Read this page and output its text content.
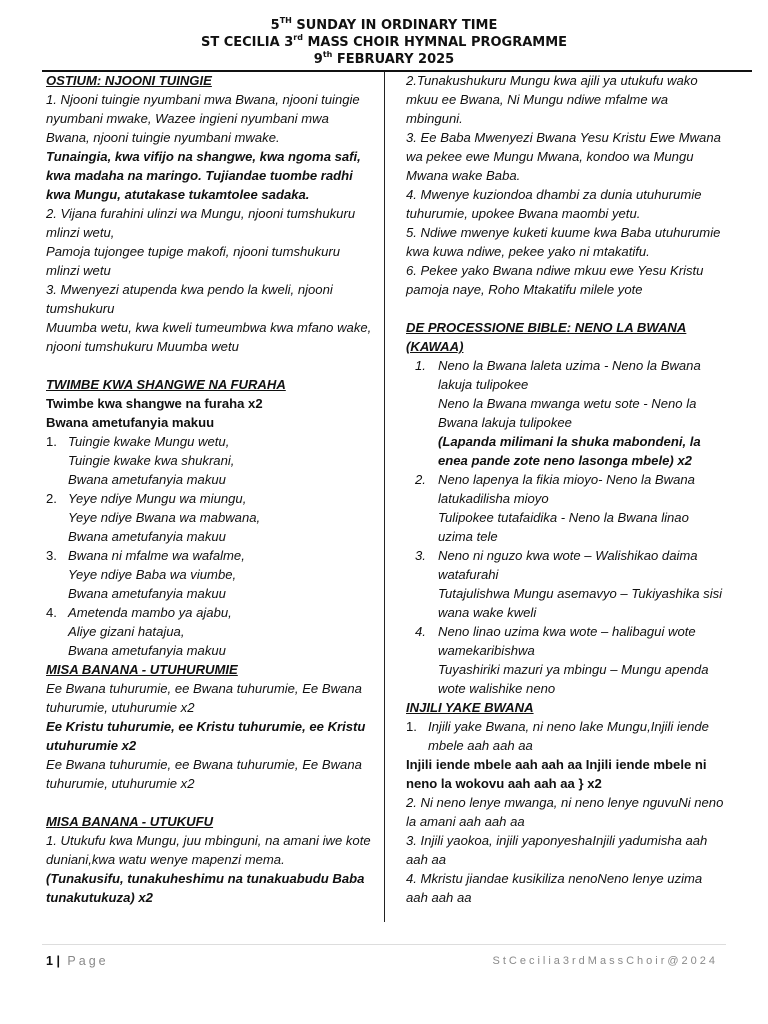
5TH SUNDAY IN ORDINARY TIME
ST CECILIA 3rd MASS CHOIR HYMNAL PROGRAMME
9th FEBRUARY 2025
OSTIUM: NJOONI TUINGIE

1. Njooni tuingie nyumbani mwa Bwana, njooni tuingie nyumbani mwake, Wazee ingieni nyumbani mwa Bwana, njooni tuingie nyumbani mwake.

Tunaingia, kwa vifijo na shangwe, kwa ngoma safi, kwa madaha na maringo. Tujiandae tuombe radhi kwa Mungu, atutakase tukamtolee sadaka.

2. Vijana furahini ulinzi wa Mungu, njooni tumshukuru mlinzi wetu,

Pamoja tujongee tupige makofi, njooni tumshukuru mlinzi wetu

3. Mwenyezi atupenda kwa pendo la kweli, njooni tumshukuru

Muumba wetu, kwa kweli tumeumbwa kwa mfano wake, njooni tumshukuru Muumba wetu

TWIMBE KWA SHANGWE NA FURAHA

Twimbe kwa shangwe na furaha x2

Bwana ametufanyia makuu

1. Tuingie kwake Mungu wetu,
Tuingie kwake kwa shukrani,
Bwana ametufanyia makuu
2. Yeye ndiye Mungu wa miungu,
Yeye ndiye Bwana wa mabwana,
Bwana ametufanyia makuu
3. Bwana ni mfalme wa wafalme,
Yeye ndiye Baba wa viumbe,
Bwana ametufanyia makuu
4. Ametenda mambo ya ajabu,
Aliye gizani hatajua,
Bwana ametufanyia makuu
MISA BANANA - UTUHURUMIE

Ee Bwana tuhurumie, ee Bwana tuhurumie, Ee Bwana tuhurumie, utuhurumie x2

Ee Kristu tuhurumie, ee Kristu tuhurumie, ee Kristu utuhurumie x2

Ee Bwana tuhurumie, ee Bwana tuhurumie, Ee Bwana tuhurumie, utuhurumie x2

MISA BANANA - UTUKUFU

1. Utukufu kwa Mungu, juu mbinguni, na amani iwe kote duniani,kwa watu wenye mapenzi mema.

(Tunakusifu, tunakuheshimu na tunakuabudu Baba tunakutukuza) x2

2.Tunakushukuru Mungu kwa ajili ya utukufu wako mkuu ee Bwana, Ni Mungu ndiwe mfalme wa mbinguni.

3. Ee Baba Mwenyezi Bwana Yesu Kristu Ewe Mwana wa pekee ewe Mungu Mwana, kondoo wa Mungu Mwana wake Baba.

4. Mwenye kuziondoa dhambi za dunia utuhurumie tuhurumie, upokee Bwana maombi yetu.

5. Ndiwe mwenye kuketi kuume kwa Baba utuhurumie kwa kuwa ndiwe, pekee yako ni mtakatifu.

6. Pekee yako Bwana ndiwe mkuu ewe Yesu Kristu pamoja naye, Roho Mtakatifu milele yote

DE PROCESSIONE BIBLE: NENO LA BWANA (KAWAA)
1. Neno la Bwana laleta uzima - Neno la Bwana lakuja tulipokee
Neno la Bwana mwanga wetu sote - Neno la Bwana lakuja tulipokee
(Lapanda milimani la shuka mabondeni, la enea pande zote neno lasonga mbele) x2
2. Neno lapenya la fikia mioyo- Neno la Bwana latukadilisha mioyo
Tulipokee tutafaidika - Neno la Bwana linao uzima tele
3. Neno ni nguzo kwa wote – Walishikao daima watafurahi
Tutajulishwa Mungu asemavyo – Tukiyashika sisi wana wake kweli
4. Neno linao uzima kwa wote – halibagui wote wamekaribishwa
Tuyashiriki mazuri ya mbingu – Mungu apenda wote walishike neno
INJILI YAKE BWANA
1. Injili yake Bwana, ni neno lake Mungu,Injili iende mbele aah aah aa

Injili iende mbele aah aah aa Injili iende mbele ni neno la wokovu aah aah aa } x2

2. Ni neno lenye mwanga, ni neno lenye nguvuNi neno la amani aah aah aa

3. Injili yaokoa, injili yaponyeshaInjili yadumisha aah aah aa

4. Mkristu jiandae kusikiliza nenoNeno lenye uzima aah aah aa

1 | Page	StCecilia3rdMassChoir@2024
